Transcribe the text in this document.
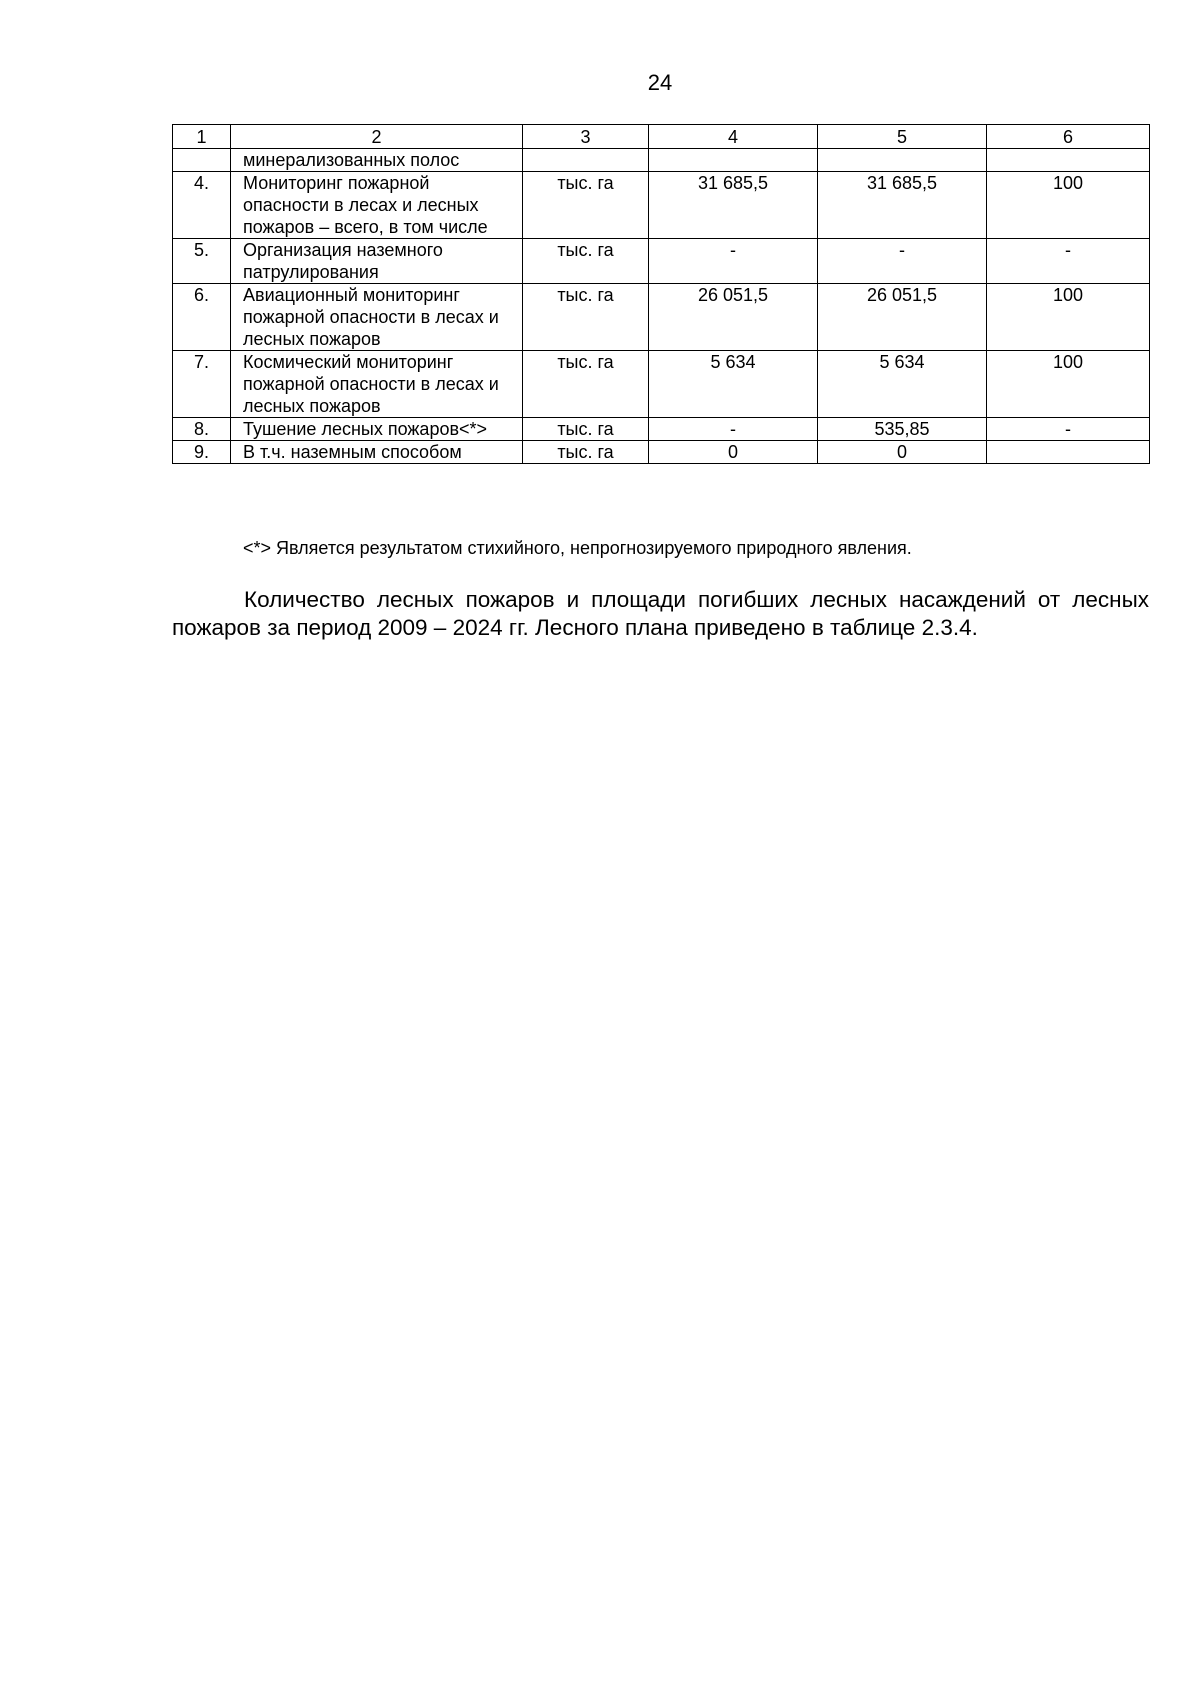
24
1	2	3	4	5	6
	минерализованных полос				
4.	Мониторинг пожарной опасности в лесах и лесных пожаров – всего, в том числе	тыс. га	31 685,5	31 685,5	100
5.	Организация наземного патрулирования	тыс. га	-	-	-
6.	Авиационный мониторинг пожарной опасности в лесах и лесных пожаров	тыс. га	26 051,5	26 051,5	100
7.	Космический мониторинг пожарной опасности в лесах и лесных пожаров	тыс. га	5 634	5 634	100
8.	Тушение лесных пожаров<*>	тыс. га	-	535,85	-
9.	В т.ч. наземным способом	тыс. га	0	0	
<*> Является результатом стихийного, непрогнозируемого природного явления.
Количество лесных пожаров и площади погибших лесных насаждений от лесных пожаров за период 2009 – 2024 гг. Лесного плана приведено в таблице 2.3.4.
